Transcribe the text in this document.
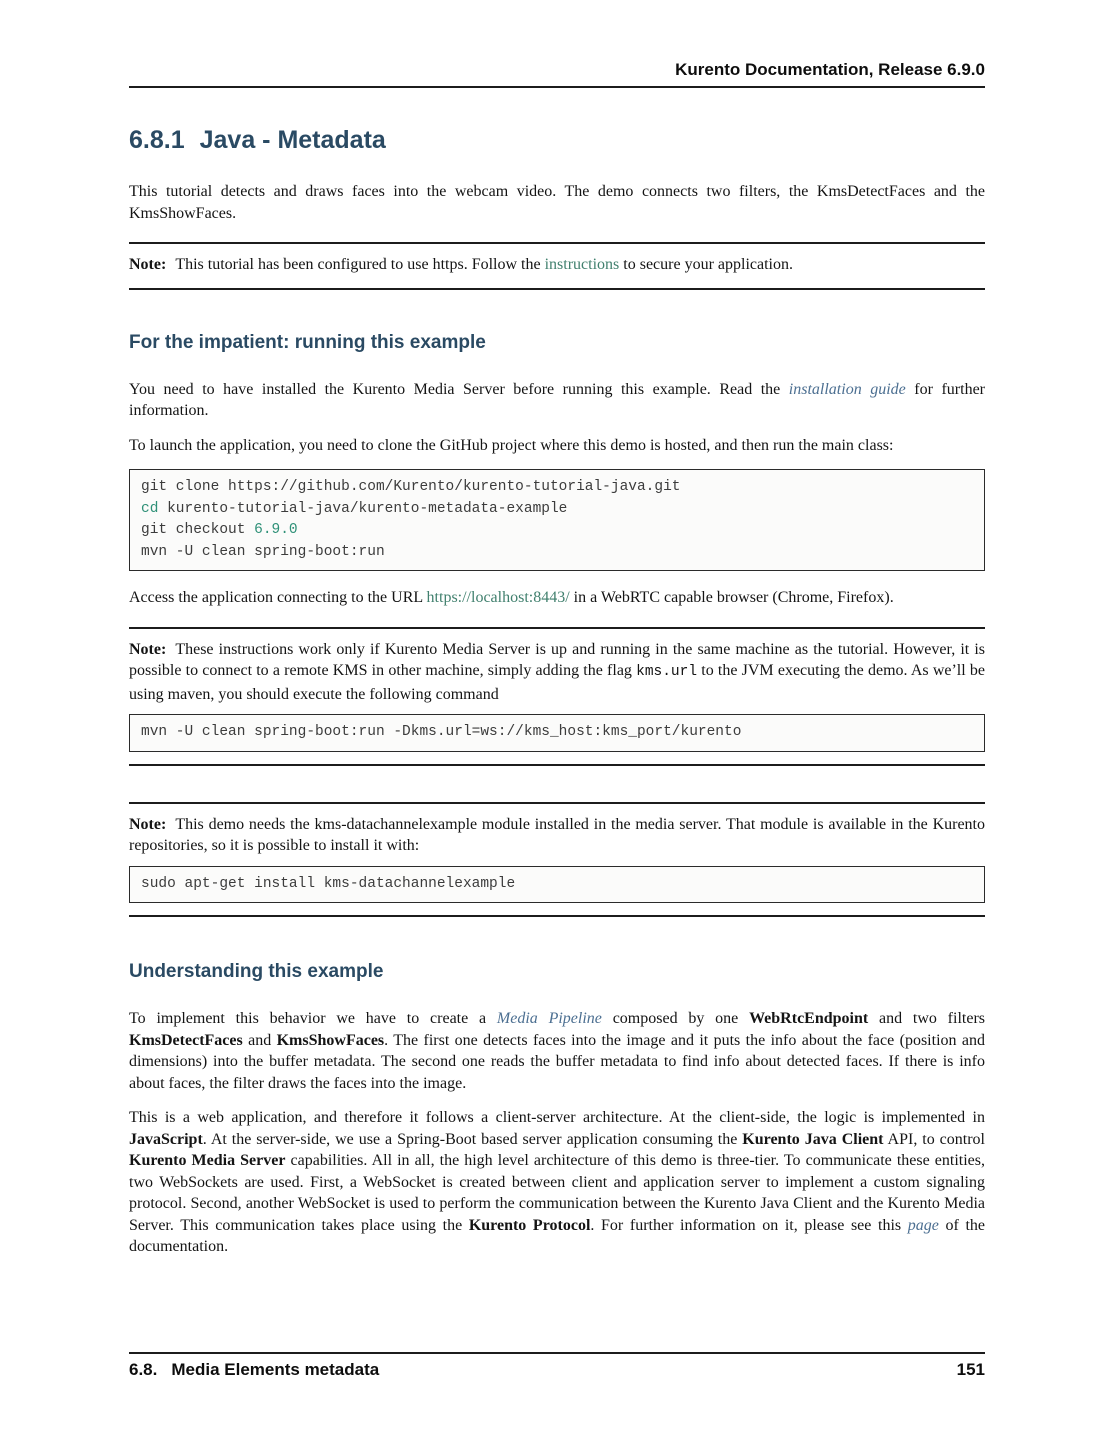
Kurento Documentation, Release 6.9.0
6.8.1 Java - Metadata

This tutorial detects and draws faces into the webcam video. The demo connects two filters, the KmsDetectFaces and the KmsShowFaces.

Note: This tutorial has been configured to use https. Follow the instructions to secure your application.

For the impatient: running this example

You need to have installed the Kurento Media Server before running this example. Read the installation guide for further information.

To launch the application, you need to clone the GitHub project where this demo is hosted, and then run the main class:

git clone https://github.com/Kurento/kurento-tutorial-java.git
cd kurento-tutorial-java/kurento-metadata-example
git checkout 6.9.0
mvn -U clean spring-boot:run

Access the application connecting to the URL https://localhost:8443/ in a WebRTC capable browser (Chrome, Firefox).

Note: These instructions work only if Kurento Media Server is up and running in the same machine as the tutorial. However, it is possible to connect to a remote KMS in other machine, simply adding the flag kms.url to the JVM executing the demo. As we’ll be using maven, you should execute the following command

mvn -U clean spring-boot:run -Dkms.url=ws://kms_host:kms_port/kurento

Note: This demo needs the kms-datachannelexample module installed in the media server. That module is available in the Kurento repositories, so it is possible to install it with:

sudo apt-get install kms-datachannelexample
Understanding this example

To implement this behavior we have to create a Media Pipeline composed by one WebRtcEndpoint and two filters KmsDetectFaces and KmsShowFaces. The first one detects faces into the image and it puts the info about the face (position and dimensions) into the buffer metadata. The second one reads the buffer metadata to find info about detected faces. If there is info about faces, the filter draws the faces into the image.

This is a web application, and therefore it follows a client-server architecture. At the client-side, the logic is implemented in JavaScript. At the server-side, we use a Spring-Boot based server application consuming the Kurento Java Client API, to control Kurento Media Server capabilities. All in all, the high level architecture of this demo is three-tier. To communicate these entities, two WebSockets are used. First, a WebSocket is created between client and application server to implement a custom signaling protocol. Second, another WebSocket is used to perform the communication between the Kurento Java Client and the Kurento Media Server. This communication takes place using the Kurento Protocol. For further information on it, please see this page of the documentation.

6.8. Media Elements metadata	151
